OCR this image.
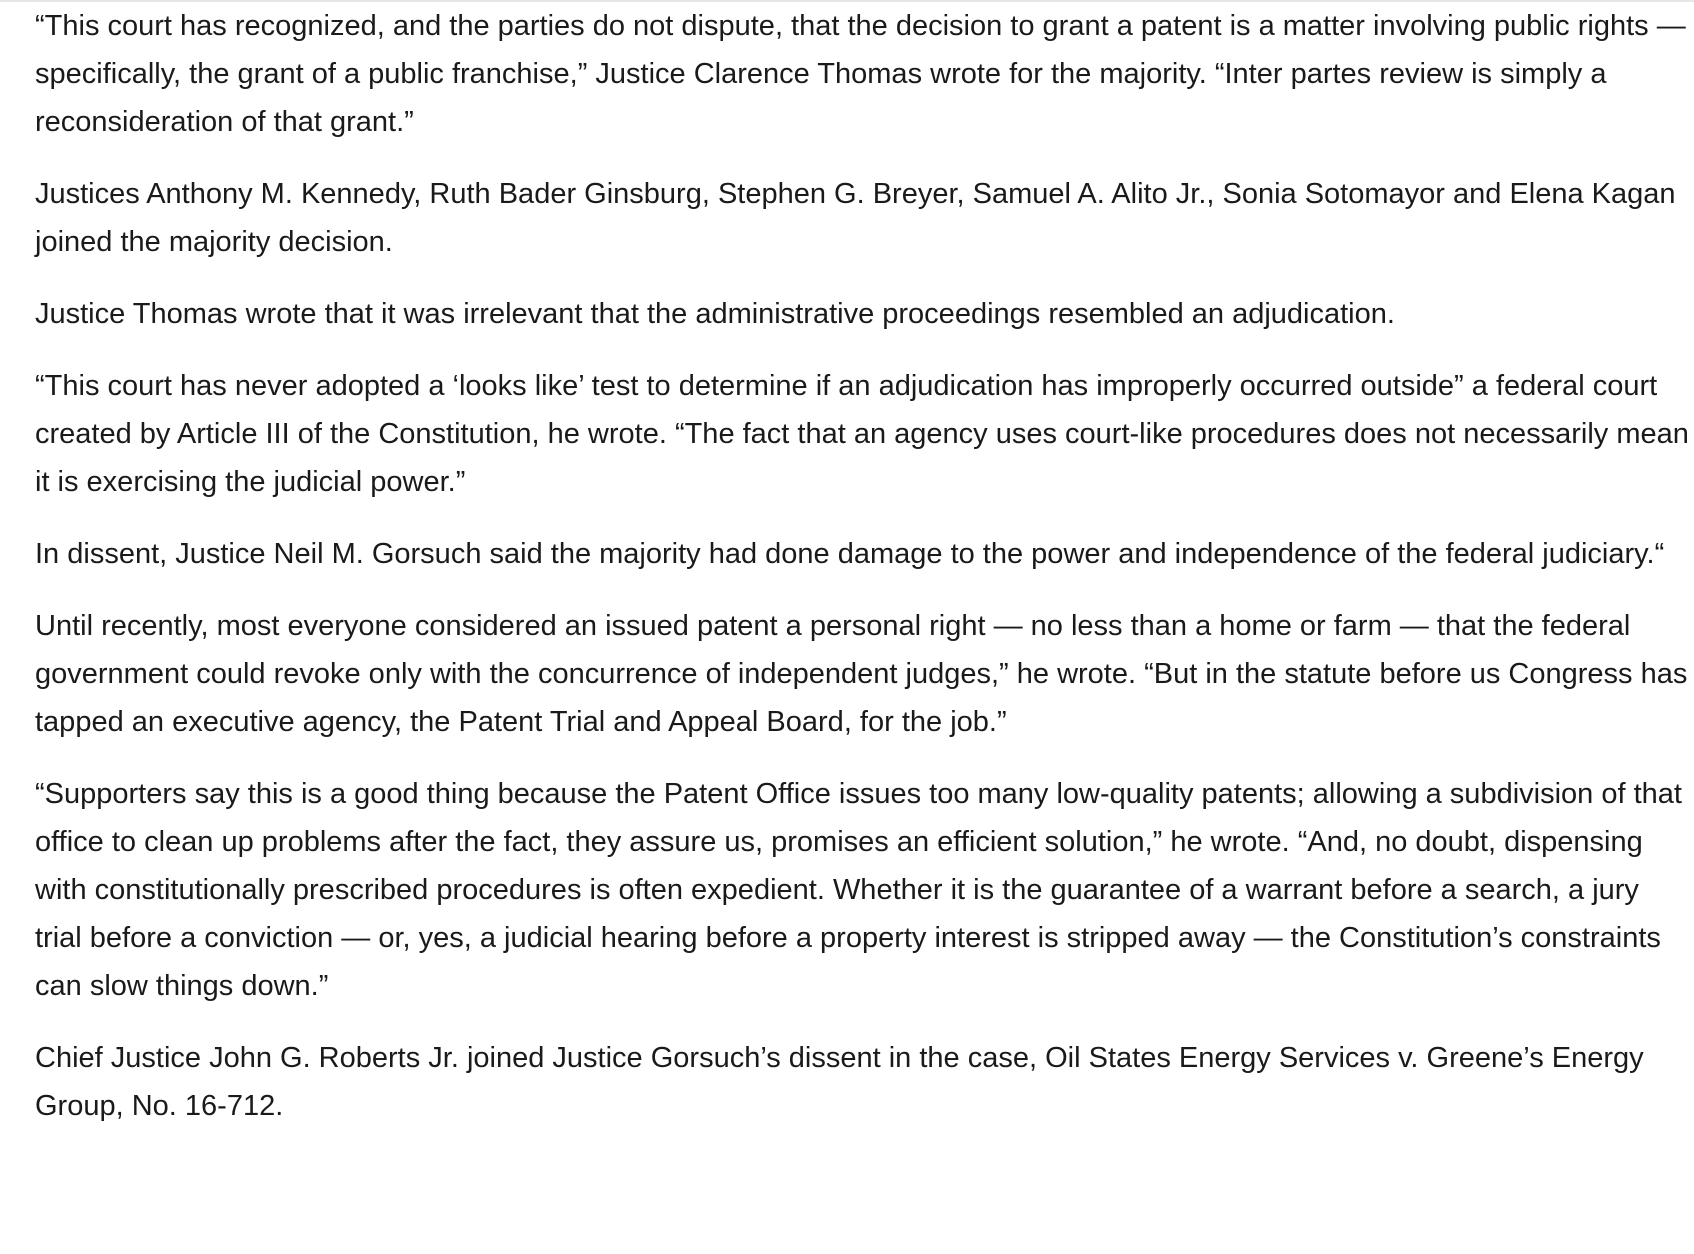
“This court has recognized, and the parties do not dispute, that the decision to grant a patent is a matter involving public rights — specifically, the grant of a public franchise,” Justice Clarence Thomas wrote for the majority. “Inter partes review is simply a reconsideration of that grant.”

Justices Anthony M. Kennedy, Ruth Bader Ginsburg, Stephen G. Breyer, Samuel A. Alito Jr., Sonia Sotomayor and Elena Kagan joined the majority decision.

Justice Thomas wrote that it was irrelevant that the administrative proceedings resembled an adjudication.

“This court has never adopted a ‘looks like’ test to determine if an adjudication has improperly occurred outside” a federal court created by Article III of the Constitution, he wrote. “The fact that an agency uses court-like procedures does not necessarily mean it is exercising the judicial power.”

In dissent, Justice Neil M. Gorsuch said the majority had done damage to the power and independence of the federal judiciary.“

Until recently, most everyone considered an issued patent a personal right — no less than a home or farm — that the federal government could revoke only with the concurrence of independent judges,” he wrote. “But in the statute before us Congress has tapped an executive agency, the Patent Trial and Appeal Board, for the job.”

“Supporters say this is a good thing because the Patent Office issues too many low-quality patents; allowing a subdivision of that office to clean up problems after the fact, they assure us, promises an efficient solution,” he wrote. “And, no doubt, dispensing with constitutionally prescribed procedures is often expedient. Whether it is the guarantee of a warrant before a search, a jury trial before a conviction — or, yes, a judicial hearing before a property interest is stripped away — the Constitution’s constraints can slow things down.”

Chief Justice John G. Roberts Jr. joined Justice Gorsuch’s dissent in the case, Oil States Energy Services v. Greene’s Energy Group, No. 16-712.
